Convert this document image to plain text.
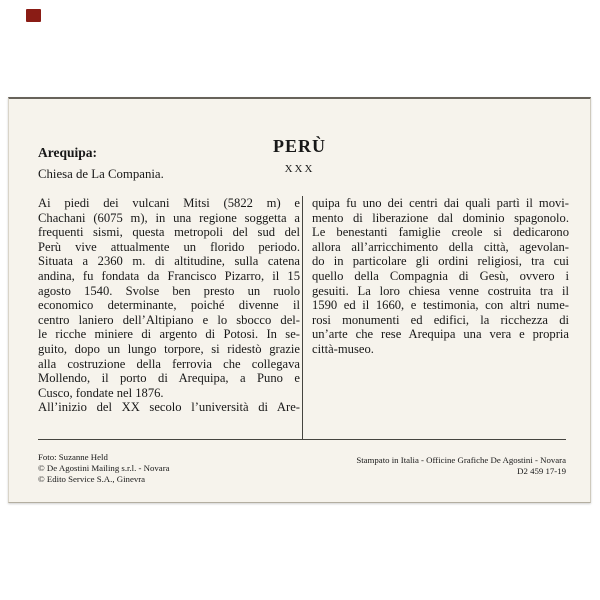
PERÙ
XXX
Arequipa:
Chiesa de La Compania.
Ai piedi dei vulcani Mitsi (5822 m) e
Chachani (6075 m), in una regione soggetta a
frequenti sismi, questa metropoli del sud del
Perù vive attualmente un florido periodo.
Situata a 2360 m. di altitudine, sulla catena
andina, fu fondata da Francisco Pizarro, il 15
agosto 1540. Svolse ben presto un ruolo
economico determinante, poiché divenne il
centro laniero dell’Altipiano e lo sbocco del-
le ricche miniere di argento di Potosi. In se-
guito, dopo un lungo torpore, si ridestò grazie
alla costruzione della ferrovia che collegava
Mollendo, il porto di Arequipa, a Puno e
Cusco, fondate nel 1876.
All’inizio del XX secolo l’università di Are-
quipa fu uno dei centri dai quali partì il movi-
mento di liberazione dal dominio spagonolo.
Le benestanti famiglie creole si dedicarono
allora all’arricchimento della città, agevolan-
do in particolare gli ordini religiosi, tra cui
quello della Compagnia di Gesù, ovvero i
gesuiti. La loro chiesa venne costruita tra il
1590 ed il 1660, e testimonia, con altri nume-
rosi monumenti ed edifici, la ricchezza di
un’arte che rese Arequipa una vera e propria
città-museo.
Foto: Suzanne Held
© De Agostini Mailing s.r.l. - Novara
© Edito Service S.A., Ginevra
Stampato in Italia - Officine Grafiche De Agostini - Novara
D2 459 17-19
